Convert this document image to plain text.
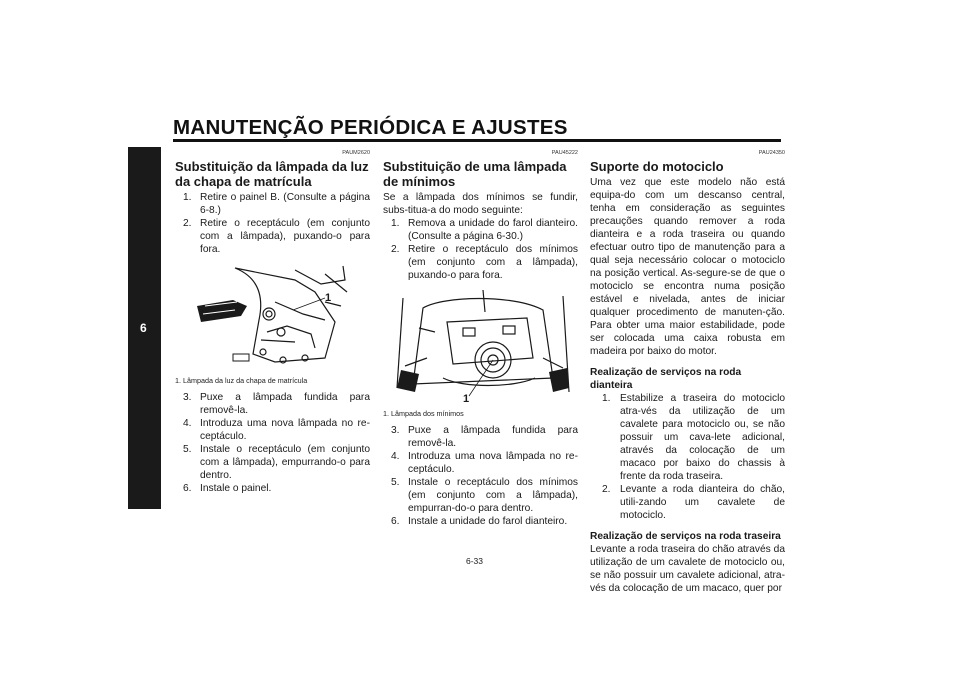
MANUTENÇÃO PERIÓDICA E AJUSTES
6
PAUM2620
Substituição da lâmpada da luz da chapa de matrícula
1. Retire o painel B. (Consulte a página 6-8.)
2. Retire o receptáculo (em conjunto com a lâmpada), puxando-o para fora.
1
1. Lâmpada da luz da chapa de matrícula
3. Puxe a lâmpada fundida para removê-la.
4. Introduza uma nova lâmpada no re-ceptáculo.
5. Instale o receptáculo (em conjunto com a lâmpada), empurrando-o para dentro.
6. Instale o painel.
PAU45222
Substituição de uma lâmpada de mínimos

Se a lâmpada dos mínimos se fundir, subs-titua-a do modo seguinte:

1. Remova a unidade do farol dianteiro. (Consulte a página 6-30.)
2. Retire o receptáculo dos mínimos (em conjunto com a lâmpada), puxando-o para fora.
1
1. Lâmpada dos mínimos
3. Puxe a lâmpada fundida para removê-la.
4. Introduza uma nova lâmpada no re-ceptáculo.
5. Instale o receptáculo dos mínimos (em conjunto com a lâmpada), empurran-do-o para dentro.
6. Instale a unidade do farol dianteiro.
PAU24350
Suporte do motociclo

Uma vez que este modelo não está equipa-do com um descanso central, tenha em consideração as seguintes precauções quando remover a roda dianteira e a roda traseira ou quando efectuar outro tipo de manutenção para a qual seja necessário colocar o motociclo na posição vertical. As-segure-se de que o motociclo se encontra numa posição estável e nivelada, antes de iniciar qualquer procedimento de manuten-ção. Para obter uma maior estabilidade, pode ser colocada uma caixa robusta em madeira por baixo do motor.

Realização de serviços na roda dianteira
1. Estabilize a traseira do motociclo atra-vés da utilização de um cavalete para motociclo ou, se não possuir um cava-lete adicional, através da colocação de um macaco por baixo do chassis à frente da roda traseira.
2. Levante a roda dianteira do chão, utili-zando um cavalete de motociclo.
Realização de serviços na roda traseira

Levante a roda traseira do chão através da utilização de um cavalete de motociclo ou, se não possuir um cavalete adicional, atra-vés da colocação de um macaco, quer por

6-33
